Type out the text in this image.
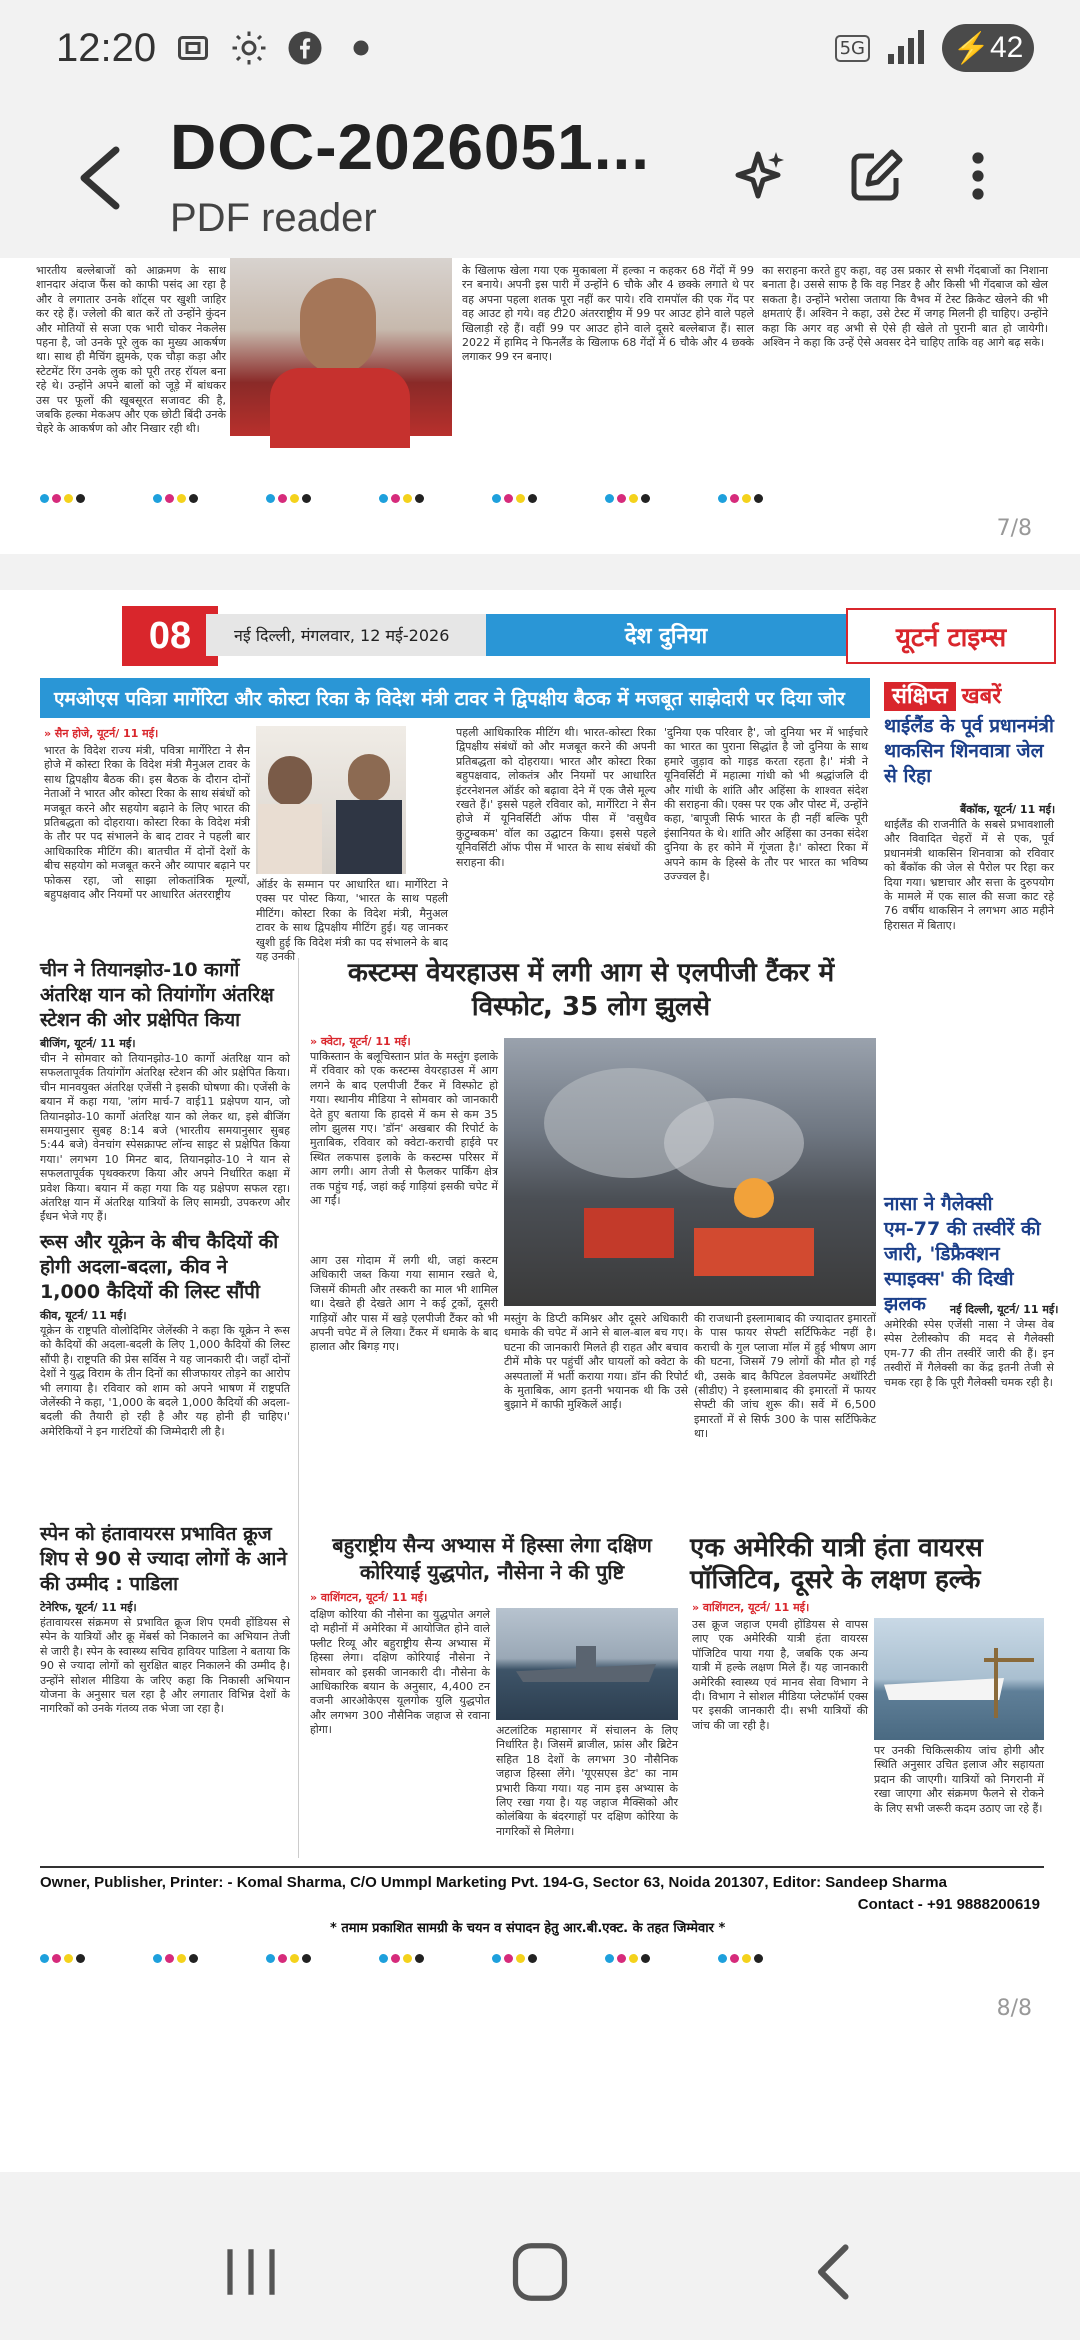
12:20	5G	⚡ 42
DOC-2026051...
PDF reader
भारतीय बल्लेबाजों को आक्रमण के साथ शानदार अंदाज फैंस को काफी पसंद आ रहा है और वे लगातार उनके शॉट्स पर खुशी जाहिर कर रहे हैं। ज्लेलो की बात करें तो उन्होंने कुंदन और मोतियों से सजा एक भारी चोकर नेकलेस पहना है, जो उनके पूरे लुक का मुख्य आकर्षण था। साथ ही मैचिंग झुमके, एक चौड़ा कड़ा और स्टेटमेंट रिंग उनके लुक को पूरी तरह रॉयल बना रहे थे। उन्होंने अपने बालों को जूड़े में बांधकर उस पर फूलों की खूबसूरत सजावट की है, जबकि हल्का मेकअप और एक छोटी बिंदी उनके चेहरे के आकर्षण को और निखार रही थी।
के खिलाफ खेला गया एक मुकाबला में हल्का न कहकर 68 गेंदों में 99 रन बनाये। अपनी इस पारी में उन्होंने 6 चौके और 4 छक्के लगाते थे पर वह अपना पहला शतक पूरा नहीं कर पाये। रवि रामपॉल की एक गेंद पर वह आउट हो गये। वह टी20 अंतरराष्ट्रीय में 99 पर आउट होने वाले पहले खिलाड़ी रहे हैं। वहीं 99 पर आउट होने वाले दूसरे बल्लेबाज हैं। साल 2022 में हामिद ने फिनलैंड के खिलाफ 68 गेंदों में 6 चौके और 4 छक्के लगाकर 99 रन बनाए।
का सराहना करते हुए कहा, वह उस प्रकार से सभी गेंदबाजों का निशाना बनाता है। उससे साफ है कि वह निडर है और किसी भी गेंदबाज को खेल सकता है। उन्होंने भरोसा जताया कि वैभव में टेस्ट क्रिकेट खेलने की भी क्षमताएं हैं। अश्विन ने कहा, उसे टेस्ट में जगह मिलनी ही चाहिए। उन्होंने कहा कि अगर वह अभी से ऐसे ही खेले तो पुरानी बात हो जायेगी। अश्विन ने कहा कि उन्हें ऐसे अवसर देने चाहिए ताकि वह आगे बढ़ सके।
7/8
08	नई दिल्ली, मंगलवार, 12 मई-2026	देश दुनिया	यूटर्न टाइम्स
एमओएस पवित्रा मार्गेरिटा और कोस्टा रिका के विदेश मंत्री टावर ने द्विपक्षीय बैठक में मजबूत साझेदारी पर दिया जोर
» सैन होजे, यूटर्न/ 11 मई।
भारत के विदेश राज्य मंत्री, पवित्रा मार्गेरिटा ने सैन होजे में कोस्टा रिका के विदेश मंत्री मैनुअल टावर के साथ द्विपक्षीय बैठक की। इस बैठक के दौरान दोनों नेताओं ने भारत और कोस्टा रिका के साथ संबंधों को मजबूत करने और सहयोग बढ़ाने के लिए भारत की प्रतिबद्धता को दोहराया। कोस्टा रिका के विदेश मंत्री के तौर पर पद संभालने के बाद टावर ने पहली बार आधिकारिक मीटिंग की। बातचीत में दोनों देशों के बीच सहयोग को मजबूत करने और व्यापार बढ़ाने पर फोकस रहा, जो साझा लोकतांत्रिक मूल्यों, बहुपक्षवाद और नियमों पर आधारित अंतरराष्ट्रीय
ऑर्डर के सम्मान पर आधारित था। मार्गेरिटा ने एक्स पर पोस्ट किया, 'भारत के साथ पहली मीटिंग। कोस्टा रिका के विदेश मंत्री, मैनुअल टावर के साथ द्विपक्षीय मीटिंग हुई। यह जानकर खुशी हुई कि विदेश मंत्री का पद संभालने के बाद यह उनकी
पहली आधिकारिक मीटिंग थी। भारत-कोस्टा रिका द्विपक्षीय संबंधों को और मजबूत करने की अपनी प्रतिबद्धता को दोहराया। भारत और कोस्टा रिका बहुपक्षवाद, लोकतंत्र और नियमों पर आधारित इंटरनेशनल ऑर्डर को बढ़ावा देने में एक जैसे मूल्य रखते हैं।' इससे पहले रविवार को, मार्गेरिटा ने सैन होजे में यूनिवर्सिटी ऑफ पीस में 'वसुधैव कुटुम्बकम' वॉल का उद्घाटन किया। इससे पहले यूनिवर्सिटी ऑफ पीस में भारत के साथ संबंधों की सराहना की।
'दुनिया एक परिवार है', जो दुनिया भर में भाईचारे का भारत का पुराना सिद्धांत है जो दुनिया के साथ हमारे जुड़ाव को गाइड करता रहता है।' मंत्री ने यूनिवर्सिटी में महात्मा गांधी को भी श्रद्धांजलि दी और गांधी के शांति और अहिंसा के शाश्वत संदेश की सराहना की। एक्स पर एक और पोस्ट में, उन्होंने कहा, 'बापूजी सिर्फ भारत के ही नहीं बल्कि पूरी इंसानियत के थे। शांति और अहिंसा का उनका संदेश दुनिया के हर कोने में गूंजता है।' कोस्टा रिका में अपने काम के हिस्से के तौर पर भारत का भविष्य उज्ज्वल है।
संक्षिप्त खबरें
थाईलैंड के पूर्व प्रधानमंत्री थाकसिन शिनवात्रा जेल से रिहा
बैंकॉक, यूटर्न/ 11 मई।
थाईलैंड की राजनीति के सबसे प्रभावशाली और विवादित चेहरों में से एक, पूर्व प्रधानमंत्री थाकसिन शिनवात्रा को रविवार को बैंकॉक की जेल से पैरोल पर रिहा कर दिया गया। भ्रष्टाचार और सत्ता के दुरुपयोग के मामले में एक साल की सजा काट रहे 76 वर्षीय थाकसिन ने लगभग आठ महीने हिरासत में बिताए।
नासा ने गैलेक्सी एम-77 की तस्वीरें की जारी, 'डिफ्रैक्शन स्पाइक्स' की दिखी झलक	नई दिल्ली, यूटर्न/ 11 मई।
अमेरिकी स्पेस एजेंसी नासा ने जेम्स वेब स्पेस टेलीस्कोप की मदद से गैलेक्सी एम-77 की तीन तस्वीरें जारी की हैं। इन तस्वीरों में गैलेक्सी का केंद्र इतनी तेजी से चमक रहा है कि पूरी गैलेक्सी चमक रही है।
चीन ने तियानझोउ-10 कार्गो अंतरिक्ष यान को तियांगोंग अंतरिक्ष स्टेशन की ओर प्रक्षेपित किया
बीजिंग, यूटर्न/ 11 मई।
चीन ने सोमवार को तियानझोउ-10 कार्गो अंतरिक्ष यान को सफलतापूर्वक तियांगोंग अंतरिक्ष स्टेशन की ओर प्रक्षेपित किया। चीन मानवयुक्त अंतरिक्ष एजेंसी ने इसकी घोषणा की। एजेंसी के बयान में कहा गया, 'लांग मार्च-7 वाई11 प्रक्षेपण यान, जो तियानझोउ-10 कार्गो अंतरिक्ष यान को लेकर था, इसे बीजिंग समयानुसार सुबह 8:14 बजे (भारतीय समयानुसार सुबह 5:44 बजे) वेनचांग स्पेसक्राफ्ट लॉन्च साइट से प्रक्षेपित किया गया।' लगभग 10 मिनट बाद, तियानझोउ-10 ने यान से सफलतापूर्वक पृथक्करण किया और अपने निर्धारित कक्षा में प्रवेश किया। बयान में कहा गया कि यह प्रक्षेपण सफल रहा। अंतरिक्ष यान में अंतरिक्ष यात्रियों के लिए सामग्री, उपकरण और ईंधन भेजे गए हैं।
रूस और यूक्रेन के बीच कैदियों की होगी अदला-बदला, कीव ने 1,000 कैदियों की लिस्ट सौंपी
कीव, यूटर्न/ 11 मई।
यूक्रेन के राष्ट्रपति वोलोदिमिर जेलेंस्की ने कहा कि यूक्रेन ने रूस को कैदियों की अदला-बदली के लिए 1,000 कैदियों की लिस्ट सौंपी है। राष्ट्रपति की प्रेस सर्विस ने यह जानकारी दी। जहाँ दोनों देशों ने युद्ध विराम के तीन दिनों का सीजफायर तोड़ने का आरोप भी लगाया है। रविवार को शाम को अपने भाषण में राष्ट्रपति जेलेंस्की ने कहा, '1,000 के बदले 1,000 कैदियों की अदला-बदली की तैयारी हो रही है और यह होनी ही चाहिए।' अमेरिकियों ने इन गारंटियों की जिम्मेदारी ली है।
स्पेन को हंतावायरस प्रभावित क्रूज शिप से 90 से ज्यादा लोगों के आने की उम्मीद : पाडिला
टेनेरिफ, यूटर्न/ 11 मई।
हंतावायरस संक्रमण से प्रभावित क्रूज शिप एमवी होंडियस से स्पेन के यात्रियों और क्रू मेंबर्स को निकालने का अभियान तेजी से जारी है। स्पेन के स्वास्थ्य सचिव हावियर पाडिला ने बताया कि 90 से ज्यादा लोगों को सुरक्षित बाहर निकालने की उम्मीद है। उन्होंने सोशल मीडिया के जरिए कहा कि निकासी अभियान योजना के अनुसार चल रहा है और लगातार विभिन्न देशों के नागरिकों को उनके गंतव्य तक भेजा जा रहा है।
कस्टम्स वेयरहाउस में लगी आग से एलपीजी टैंकर में विस्फोट, 35 लोग झुलसे
» क्वेटा, यूटर्न/ 11 मई।
पाकिस्तान के बलूचिस्तान प्रांत के मस्तुंग इलाके में रविवार को एक कस्टम्स वेयरहाउस में आग लगने के बाद एलपीजी टैंकर में विस्फोट हो गया। स्थानीय मीडिया ने सोमवार को जानकारी देते हुए बताया कि हादसे में कम से कम 35 लोग झुलस गए। 'डॉन' अखबार की रिपोर्ट के मुताबिक, रविवार को क्वेटा-कराची हाईवे पर स्थित लकपास इलाके के कस्टम्स परिसर में आग लगी। आग तेजी से फैलकर पार्किंग क्षेत्र तक पहुंच गई, जहां कई गाड़ियां इसकी चपेट में आ गईं।
आग उस गोदाम में लगी थी, जहां कस्टम अधिकारी जब्त किया गया सामान रखते थे, जिसमें कीमती और तस्करी का माल भी शामिल था। देखते ही देखते आग ने कई ट्रकों, दूसरी गाड़ियों और पास में खड़े एलपीजी टैंकर को भी अपनी चपेट में ले लिया। टैंकर में धमाके के बाद हालात और बिगड़ गए।
मस्तुंग के डिप्टी कमिश्नर और दूसरे अधिकारी धमाके की चपेट में आने से बाल-बाल बच गए। घटना की जानकारी मिलते ही राहत और बचाव टीमें मौके पर पहुंचीं और घायलों को क्वेटा के अस्पतालों में भर्ती कराया गया। डॉन की रिपोर्ट के मुताबिक, आग इतनी भयानक थी कि उसे बुझाने में काफी मुश्किलें आईं।
की राजधानी इस्लामाबाद की ज्यादातर इमारतों के पास फायर सेफ्टी सर्टिफिकेट नहीं है। कराची के गुल प्लाजा मॉल में हुई भीषण आग की घटना, जिसमें 79 लोगों की मौत हो गई थी, उसके बाद कैपिटल डेवलपमेंट अथॉरिटी (सीडीए) ने इस्लामाबाद की इमारतों में फायर सेफ्टी की जांच शुरू की। सर्वे में 6,500 इमारतों में से सिर्फ 300 के पास सर्टिफिकेट था।
बहुराष्ट्रीय सैन्य अभ्यास में हिस्सा लेगा दक्षिण कोरियाई युद्धपोत, नौसेना ने की पुष्टि
» वाशिंगटन, यूटर्न/ 11 मई।
दक्षिण कोरिया की नौसेना का युद्धपोत अगले दो महीनों में अमेरिका में आयोजित होने वाले फ्लीट रिव्यू और बहुराष्ट्रीय सैन्य अभ्यास में हिस्सा लेगा। दक्षिण कोरियाई नौसेना ने सोमवार को इसकी जानकारी दी। नौसेना के आधिकारिक बयान के अनुसार, 4,400 टन वजनी आरओकेएस यूलगोक युलि युद्धपोत और लगभग 300 नौसैनिक जहाज से रवाना होगा।	अटलांटिक महासागर में संचालन के लिए निर्धारित है। जिसमें ब्राजील, फ्रांस और ब्रिटेन सहित 18 देशों के लगभग 30 नौसैनिक जहाज हिस्सा लेंगे। 'यूएसएस डेट' का नाम प्रभारी किया गया। यह नाम इस अभ्यास के लिए रखा गया है। यह जहाज मैक्सिको और कोलंबिया के बंदरगाहों पर दक्षिण कोरिया के नागरिकों से मिलेगा।
एक अमेरिकी यात्री हंता वायरस पॉजिटिव, दूसरे के लक्षण हल्के
» वाशिंगटन, यूटर्न/ 11 मई।
उस क्रूज जहाज एमवी होंडियस से वापस लाए एक अमेरिकी यात्री हंता वायरस पॉजिटिव पाया गया है, जबकि एक अन्य यात्री में हल्के लक्षण मिले हैं। यह जानकारी अमेरिकी स्वास्थ्य एवं मानव सेवा विभाग ने दी। विभाग ने सोशल मीडिया प्लेटफॉर्म एक्स पर इसकी जानकारी दी। सभी यात्रियों की जांच की जा रही है।
पर उनकी चिकित्सकीय जांच होगी और स्थिति अनुसार उचित इलाज और सहायता प्रदान की जाएगी। यात्रियों को निगरानी में रखा जाएगा और संक्रमण फैलने से रोकने के लिए सभी जरूरी कदम उठाए जा रहे हैं।
Owner, Publisher, Printer: - Komal Sharma, C/O Ummpl Marketing Pvt. 194-G, Sector 63, Noida 201307, Editor: Sandeep Sharma
Contact - +91 9888200619
* तमाम प्रकाशित सामग्री के चयन व संपादन हेतु आर.बी.एक्ट. के तहत जिम्मेवार *
8/8
